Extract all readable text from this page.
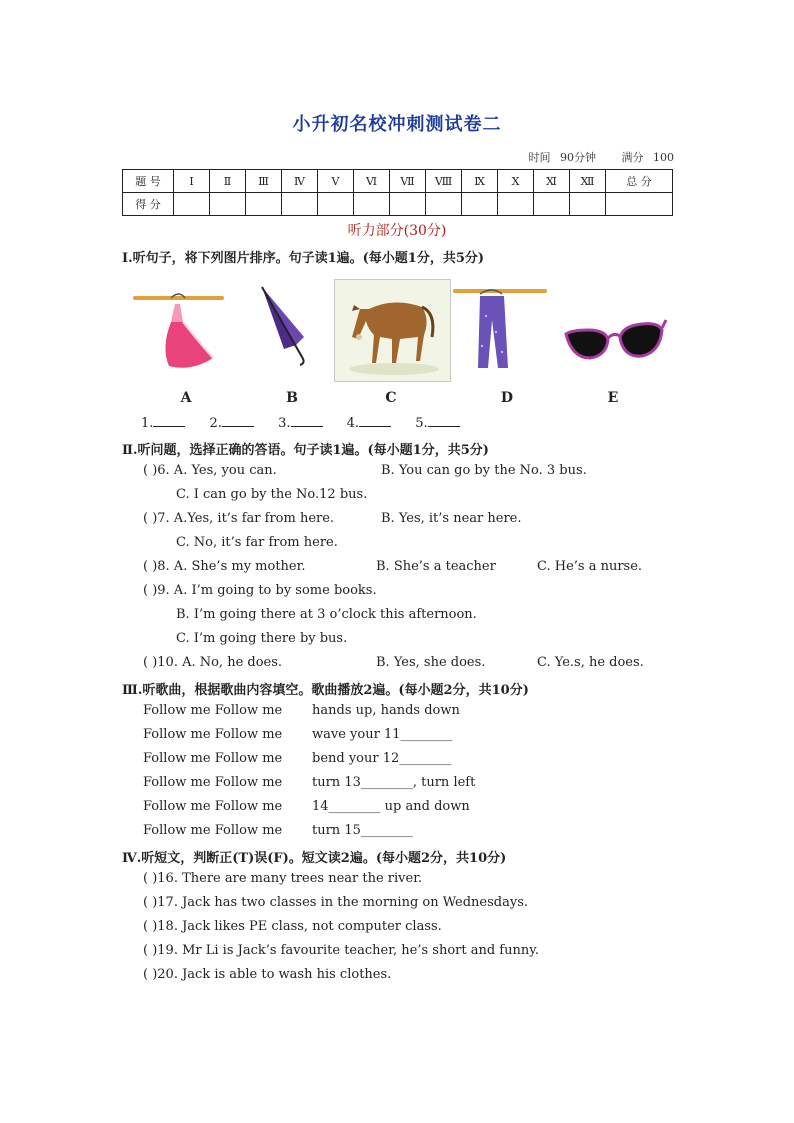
小升初名校冲刺测试卷二
时间 90分钟 满分 100
题 号	Ⅰ	Ⅱ	Ⅲ	Ⅳ	Ⅴ	Ⅵ	Ⅶ	Ⅷ	Ⅸ	Ⅹ	Ⅺ	Ⅻ	总 分
得 分													
听力部分(30分)
Ⅰ.听句子，将下列图片排序。句子读1遍。(每小题1分，共5分)
A	B	C	D	E
1.	2.	3.	4.	5.
Ⅱ.听问题，选择正确的答语。句子读1遍。(每小题1分，共5分)
( )6. A. Yes, you can.	B. You can go by the No. 3 bus.
C. I can go by the No.12 bus.
( )7. A.Yes, it’s far from here.	B. Yes, it’s near here.
C. No, it’s far from here.
( )8. A. She’s my mother.	B. She’s a teacher	C. He’s a nurse.
( )9. A. I’m going to by some books.
B. I’m going there at 3 o’clock this afternoon.
C. I’m going there by bus.
( )10. A. No, he does.	B. Yes, she does.	C. Ye.s, he does.
Ⅲ.听歌曲，根据歌曲内容填空。歌曲播放2遍。(每小题2分，共10分)
Follow me Follow me hands up, hands down
Follow me Follow me wave your 11________
Follow me Follow me bend your 12________
Follow me Follow me turn 13________, turn left
Follow me Follow me 14________ up and down
Follow me Follow me turn 15________
Ⅳ.听短文，判断正(T)误(F)。短文读2遍。(每小题2分，共10分)
( )16. There are many trees near the river.
( )17. Jack has two classes in the morning on Wednesdays.
( )18. Jack likes PE class, not computer class.
( )19. Mr Li is Jack’s favourite teacher, he’s short and funny.
( )20. Jack is able to wash his clothes.
